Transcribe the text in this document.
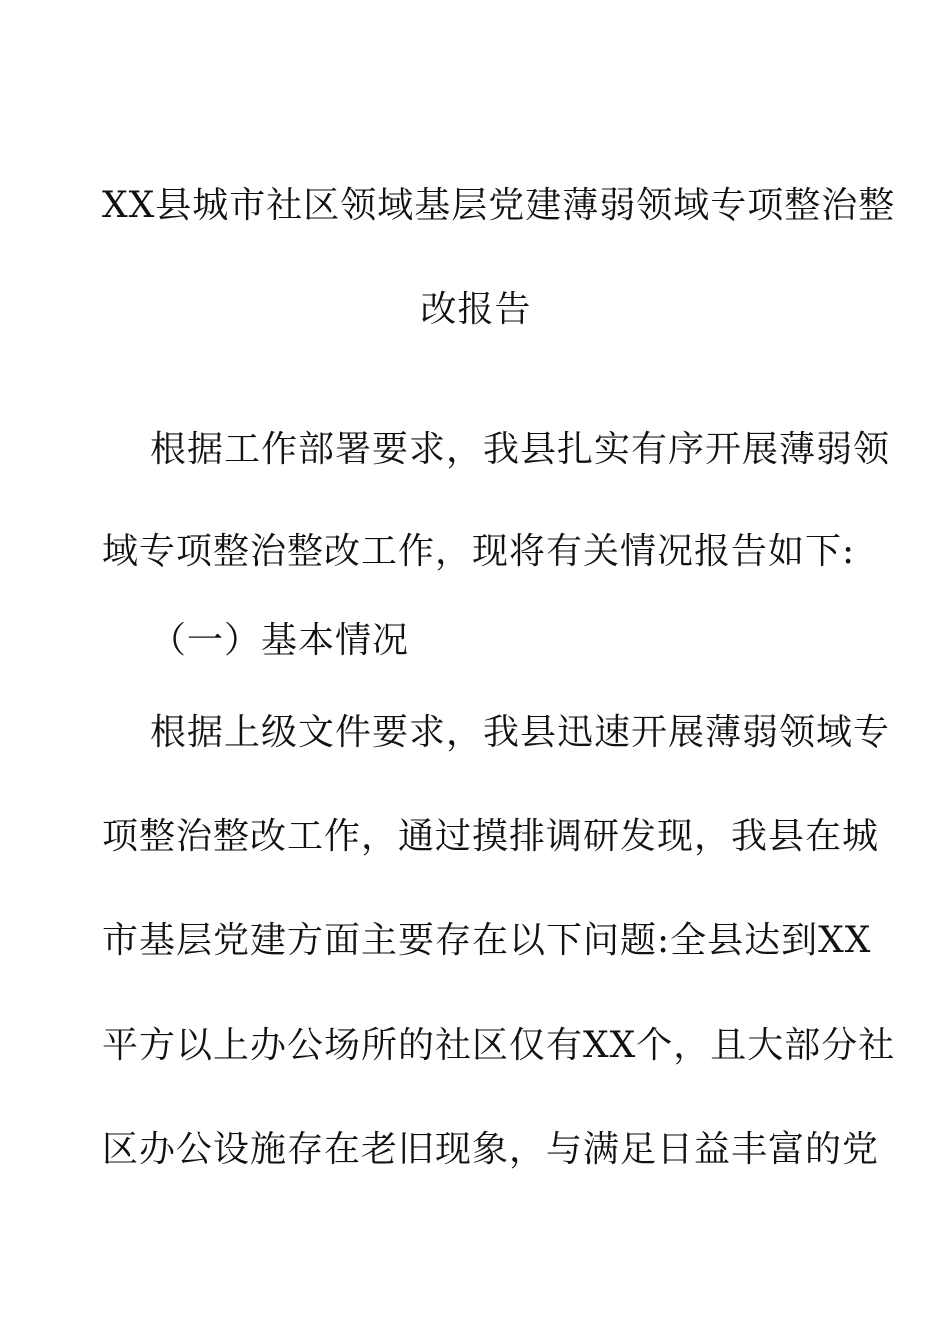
XX县城市社区领域基层党建薄弱领域专项整治整
改报告
根据工作部署要求，我县扎实有序开展薄弱领
域专项整治整改工作，现将有关情况报告如下:
（一）基本情况
根据上级文件要求，我县迅速开展薄弱领域专
项整治整改工作，通过摸排调研发现，我县在城
市基层党建方面主要存在以下问题:全县达到XX
平方以上办公场所的社区仅有XX个，且大部分社
区办公设施存在老旧现象，与满足日益丰富的党
